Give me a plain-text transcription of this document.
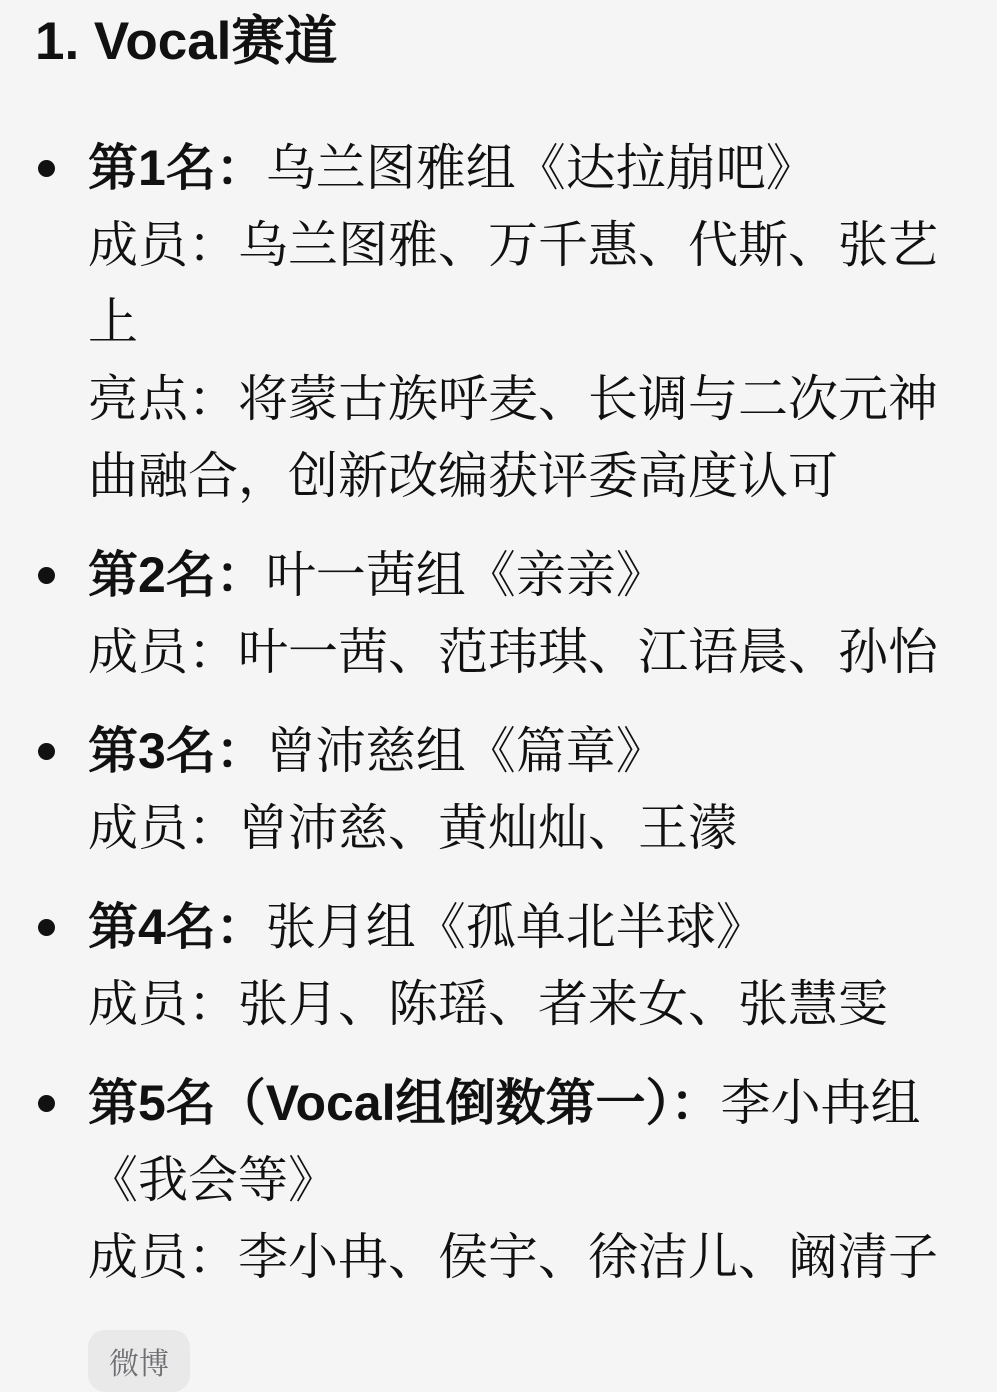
1. Vocal赛道

第1名：乌兰图雅组《达拉崩吧》

成员：乌兰图雅、万千惠、代斯、张艺上

亮点：将蒙古族呼麦、长调与二次元神曲融合，创新改编获评委高度认可

第2名：叶一茜组《亲亲》

成员：叶一茜、范玮琪、江语晨、孙怡

第3名：曾沛慈组《篇章》

成员：曾沛慈、黄灿灿、王濛

第4名：张月组《孤单北半球》

成员：张月、陈瑶、者来女、张慧雯

第5名（Vocal组倒数第一）：李小冉组《我会等》

成员：李小冉、侯宇、徐洁儿、阚清子

微博
